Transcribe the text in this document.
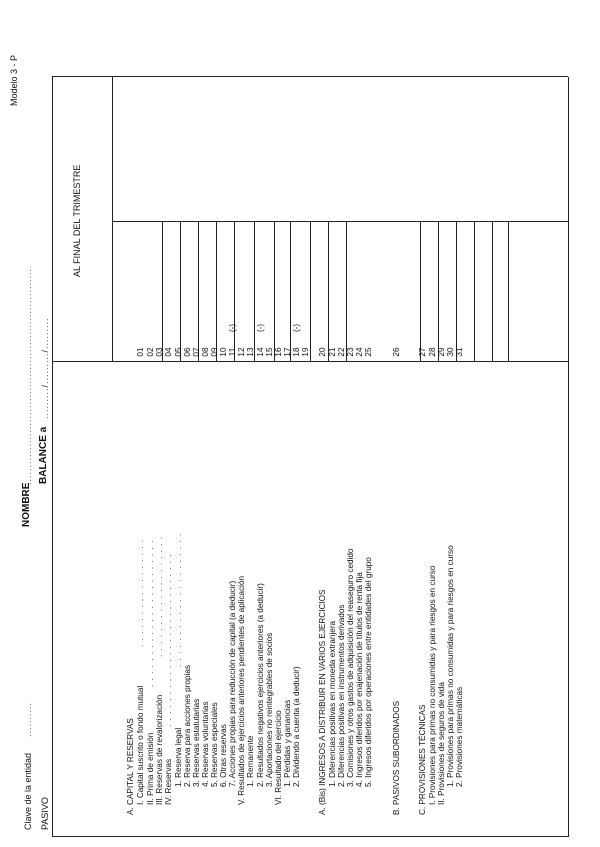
Clave de la entidad
..........
NOMBRE
..............................................................
Modelo 3 - P
PASIVO
BALANCE a
........./........./.........
AL FINAL DEL TRIMESTRE
A. CAPITAL Y RESERVAS I. Capital suscrito o fondo mutual II. Prima de emisión III. Reservas de revalorización IV. Reservas 1. Reserva legal 2. Reserva para acciones propias 3. Reservas estatutarias 4. Reservas voluntarias 5. Reservas especiales 6. Otras reservas 7. Acciones propias para reducción de capital (a deducir) V. Resultados de ejercicios anteriores pendientes de aplicación 1. Remanente 2. Resultados negativos ejercicios anteriores (a deducir) 3. Aportaciones no reintegrables de socios VI. Resultado del ejercicio 1. Pérdidas y ganancias 2. Dividendo a cuenta (a deducir) A. (Bis) INGRESOS A DISTRIBUIR EN VARIOS EJERCICIOS 1. Diferencias positivas en moneda extranjera 2. Diferencias positivas en instrumentos derivados 3. Comisiones y otros gastos de adquisición del reaseguro cedido 4. Ingresos diferidos por enajenación de títulos de renta fija 5. Ingresos diferidos por operaciones entre entidades del grupo B. PASIVOS SUBORDINADOS C. PROVISIONES TÉCNICAS I. Provisiones para primas no consumidas y para riesgos en curso II. Provisiones de seguros de vida 1. Provisiones para primas no consumidas y para riesgos en curso 2. Provisiones matemáticas
. . . . . . . . . . . . . . . . . . . . . . . . . . . . . . . . . . . . . . . . . . . . . . . . . . . . . . . . . . . . . . . . . . . . . . . . . . . . . . . . . . . . . . . . . . . . . . . . . . . . . . . . . . .
01 02 03 04 05 06 07 08 09 10 11 12 13 14 15 16 17 18 19 20 21 22 23 24 25 26 27 28 29 30 31
(-) (-)	(-)
